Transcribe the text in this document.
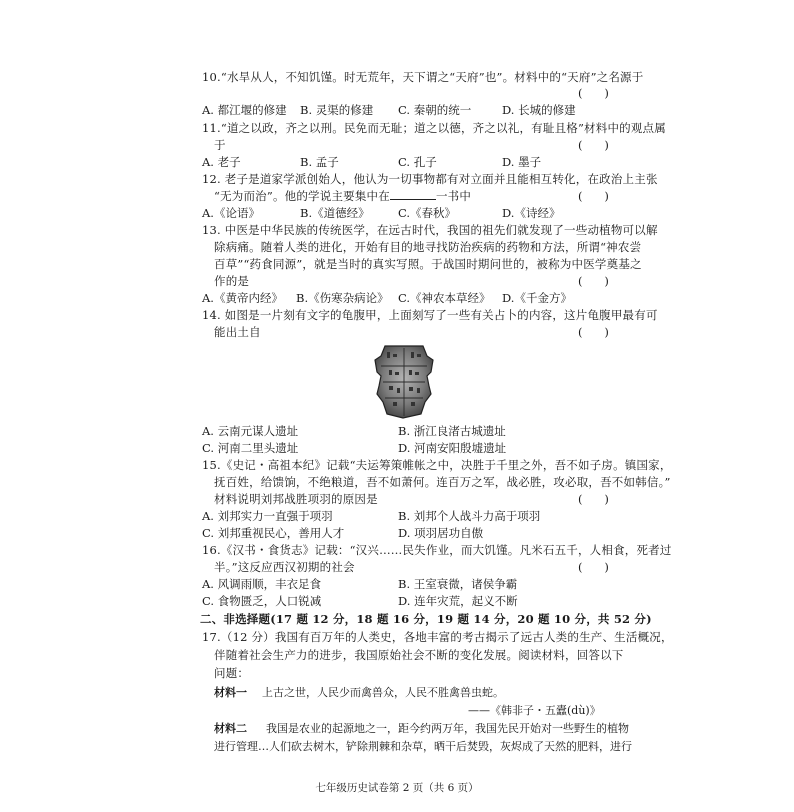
10.“水旱从人，不知饥馑。时无荒年，天下谓之“天府”也”。材料中的“天府”之名源于
(      )
A. 都江堰的修建 B. 灵渠的修建 C. 秦朝的统一	D. 长城的修建
11.“道之以政，齐之以刑。民免而无耻；道之以德，齐之以礼，有耻且格”材料中的观点属
于	(      )
A. 老子	B. 孟子	C. 孔子	D. 墨子
12. 老子是道家学派创始人，他认为一切事物都有对立面并且能相互转化，在政治上主张
“无为而治”。他的学说主要集中在	一书中	(      )
A.《论语》	B.《道德经》 C.《春秋》	D.《诗经》
13. 中医是中华民族的传统医学，在远古时代，我国的祖先们就发现了一些动植物可以解
除病痛。随着人类的进化，开始有目的地寻找防治疾病的药物和方法，所谓“神农尝
百草”“药食同源”，就是当时的真实写照。于战国时期问世的，被称为中医学奠基之
作的是	(      )
A.《黄帝内经》 B.《伤寒杂病论》 C.《神农本草经》 D.《千金方》
14. 如图是一片刻有文字的龟腹甲，上面刻写了一些有关占卜的内容，这片龟腹甲最有可
能出土自	(      )
A. 云南元谋人遗址	B. 浙江良渚古城遗址
C. 河南二里头遗址	D. 河南安阳殷墟遗址
15.《史记・高祖本纪》记载“夫运筹策帷帐之中，决胜于千里之外，吾不如子房。镇国家，
抚百姓，给馈饷，不绝粮道，吾不如萧何。连百万之军，战必胜，攻必取，吾不如韩信。”
材料说明刘邦战胜项羽的原因是	(      )
A. 刘邦实力一直强于项羽	B. 刘邦个人战斗力高于项羽
C. 刘邦重视民心，善用人才	D. 项羽居功自傲
16.《汉书・食货志》记载：“汉兴……民失作业，而大饥馑。凡米石五千，人相食，死者过
半。”这反应西汉初期的社会	(      )
A. 风调雨顺，丰衣足食	B. 王室衰微，诸侯争霸
C. 食物匮乏，人口锐减	D. 连年灾荒，起义不断
二、非选择题(17 题 12 分，18 题 16 分，19 题 14 分，20 题 10 分，共 52 分)
17.（12 分）我国有百万年的人类史，各地丰富的考古揭示了远古人类的生产、生活概况，
伴随着社会生产力的进步，我国原始社会不断的变化发展。阅读材料，回答以下
问题：
材料一 上古之世，人民少而禽兽众，人民不胜禽兽虫蛇。
——《韩非子・五蠹(dù)》
材料二 我国是农业的起源地之一，距今约两万年，我国先民开始对一些野生的植物
进行管理…人们砍去树木，铲除荆棘和杂草，晒干后焚毁，灰烬成了天然的肥料，进行
七年级历史试卷第 2 页（共 6 页）
